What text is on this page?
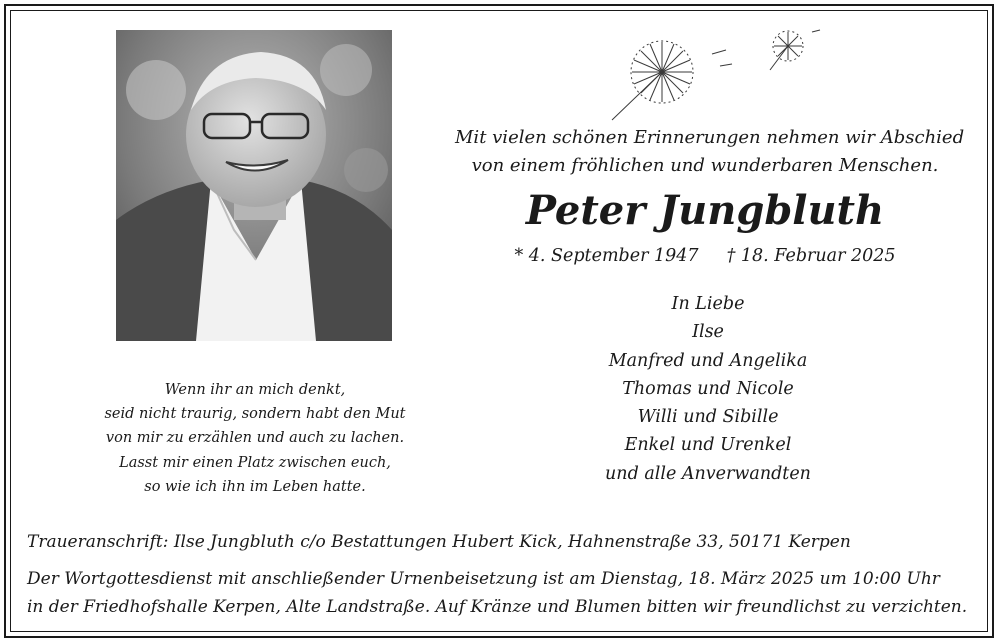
Wenn ihr an mich denkt,
seid nicht traurig, sondern habt den Mut
von mir zu erzählen und auch zu lachen.
Lasst mir einen Platz zwischen euch,
so wie ich ihn im Leben hatte.
Mit vielen schönen Erinnerungen nehmen wir Abschied
von einem fröhlichen und wunderbaren Menschen.
Peter Jungbluth
* 4. September 1947 † 18. Februar 2025
In Liebe
Ilse
Manfred und Angelika
Thomas und Nicole
Willi und Sibille
Enkel und Urenkel
und alle Anverwandten
Traueranschrift: Ilse Jungbluth c/o Bestattungen Hubert Kick, Hahnenstraße 33, 50171 Kerpen
Der Wortgottesdienst mit anschließender Urnenbeisetzung ist am Dienstag, 18. März 2025 um 10:00 Uhr
in der Friedhofshalle Kerpen, Alte Landstraße. Auf Kränze und Blumen bitten wir freundlichst zu verzichten.
